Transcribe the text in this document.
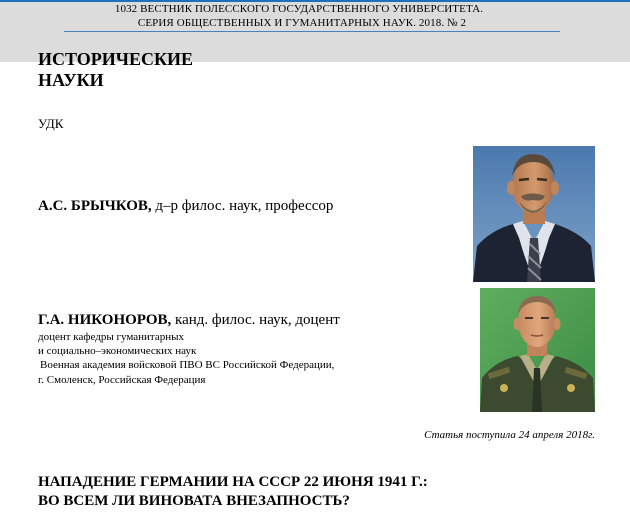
1032 ВЕСТНИК ПОЛЕССКОГО ГОСУДАРСТВЕННОГО УНИВЕРСИТЕТА.
СЕРИЯ ОБЩЕСТВЕННЫХ И ГУМАНИТАРНЫХ НАУК. 2018. № 2
ИСТОРИЧЕСКИЕ
НАУКИ
УДК
А.С. БРЫЧКОВ, д–р филос. наук, профессор
Г.А. НИКОНОРОВ, канд. филос. наук, доцент
доцент кафедры гуманитарных
и социально–экономических наук
Военная академия войсковой ПВО ВС Российской Федерации,
г. Смоленск, Российская Федерация
Статья поступила 24 апреля 2018г.
НАПАДЕНИЕ ГЕРМАНИИ НА СССР 22 ИЮНЯ 1941 Г.:
ВО ВСЕМ ЛИ ВИНОВАТА ВНЕЗАПНОСТЬ?
